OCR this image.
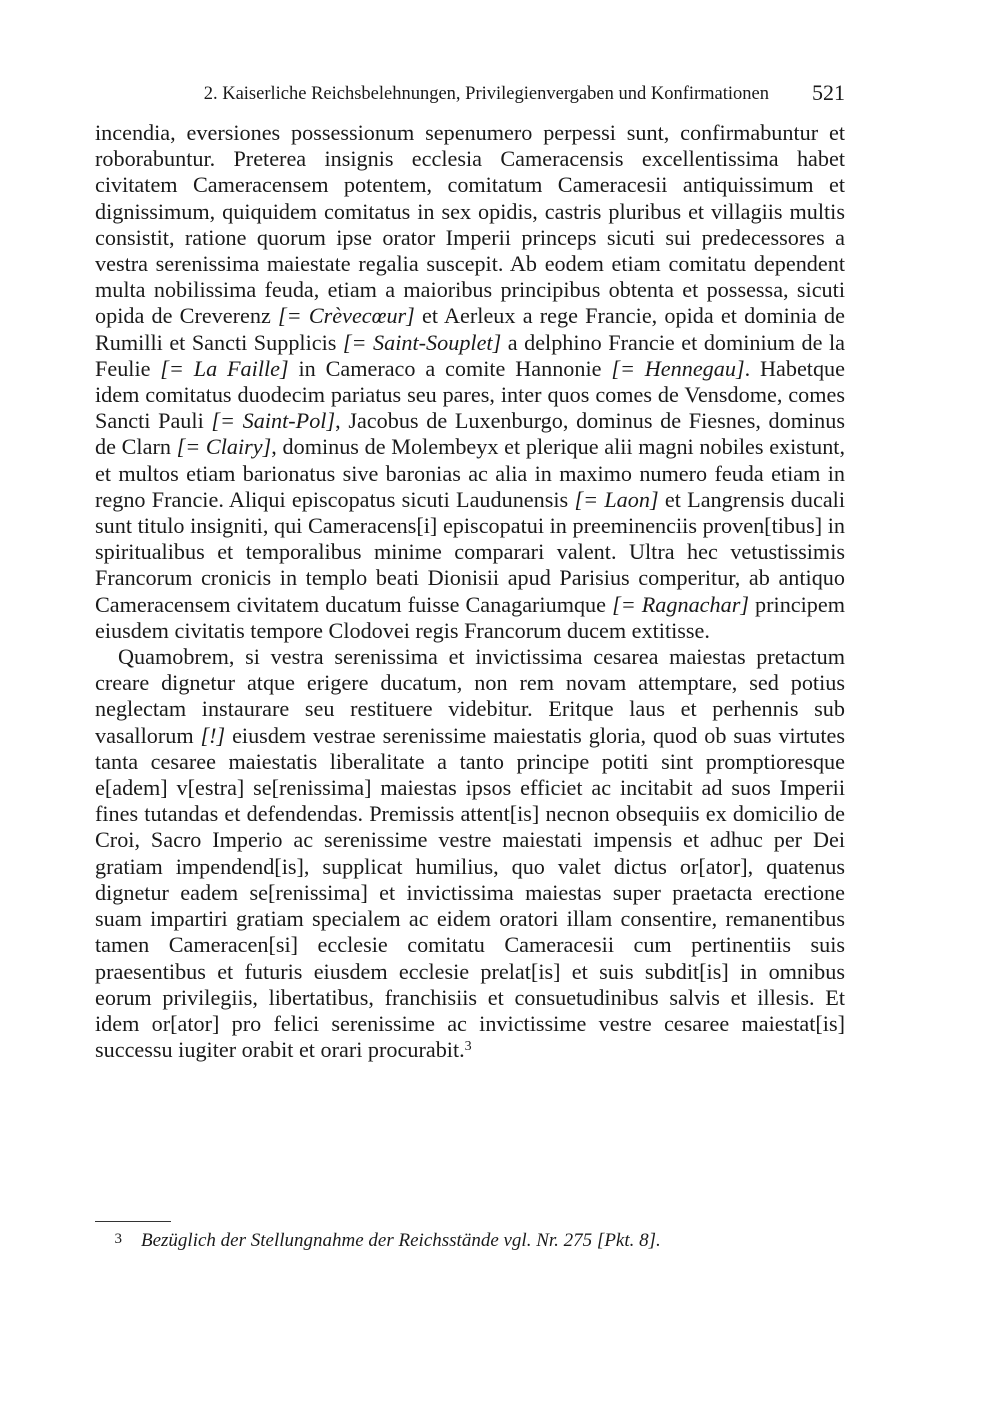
2. Kaiserliche Reichsbelehnungen, Privilegienvergaben und Konfirmationen 521

incendia, eversiones possessionum sepenumero perpessi sunt, confirmabuntur et roborabuntur. Preterea insignis ecclesia Cameracensis excellentissima habet civitatem Cameracensem potentem, comitatum Cameracesii antiquissimum et dignissimum, quiquidem comitatus in sex opidis, castris pluribus et villagiis multis consistit, ratione quorum ipse orator Imperii princeps sicuti sui predecessores a vestra serenissima maiestate regalia suscepit. Ab eodem etiam comitatu dependent multa nobilissima feuda, etiam a maioribus principibus obtenta et possessa, sicuti opida de Creverenz [= Crèvecœur] et Aerleux a rege Francie, opida et dominia de Rumilli et Sancti Supplicis [= Saint-Souplet] a delphino Francie et dominium de la Feulie [= La Faille] in Cameraco a comite Hannonie [= Hennegau]. Habetque idem comitatus duodecim pariatus seu pares, inter quos comes de Vensdome, comes Sancti Pauli [= Saint-Pol], Jacobus de Luxenburgo, dominus de Fiesnes, dominus de Clarn [= Clairy], dominus de Molembeyx et plerique alii magni nobiles existunt, et multos etiam barionatus sive baronias ac alia in maximo numero feuda etiam in regno Francie. Aliqui episcopatus sicuti Laudunensis [= Laon] et Langrensis ducali sunt titulo insigniti, qui Cameracens[i] episcopatui in preeminenciis proven[tibus] in spiritualibus et temporalibus minime comparari valent. Ultra hec vetustissimis Francorum cronicis in templo beati Dionisii apud Parisius comperitur, ab antiquo Cameracensem civitatem ducatum fuisse Canagariumque [= Ragnachar] principem eiusdem civitatis tempore Clodovei regis Francorum ducem extitisse.

Quamobrem, si vestra serenissima et invictissima cesarea maiestas pretactum creare dignetur atque erigere ducatum, non rem novam attemptare, sed potius neglectam instaurare seu restituere videbitur. Eritque laus et perhennis sub vasallorum [!] eiusdem vestrae serenissime maiestatis gloria, quod ob suas virtutes tanta cesaree maiestatis liberalitate a tanto principe potiti sint promptioresque e[adem] v[estra] se[renissima] maiestas ipsos efficiet ac incitabit ad suos Imperii fines tutandas et defendendas. Premissis attent[is] necnon obsequiis ex domicilio de Croi, Sacro Imperio ac serenissime vestre maiestati impensis et adhuc per Dei gratiam impendend[is], supplicat humilius, quo valet dictus or[ator], quatenus dignetur eadem se[renissima] et invictissima maiestas super praetacta erectione suam impartiri gratiam specialem ac eidem oratori illam consentire, remanentibus tamen Cameracen[si] ecclesie comitatu Cameracesii cum pertinentiis suis praesentibus et futuris eiusdem ecclesie prelat[is] et suis subdit[is] in omnibus eorum privilegiis, libertatibus, franchisiis et consuetudinibus salvis et illesis. Et idem or[ator] pro felici serenissime ac invictissime vestre cesaree maiestat[is] successu iugiter orabit et orari procurabit.$^3$

3 Bezüglich der Stellungnahme der Reichsstände vgl. Nr. 275 [Pkt. 8].
